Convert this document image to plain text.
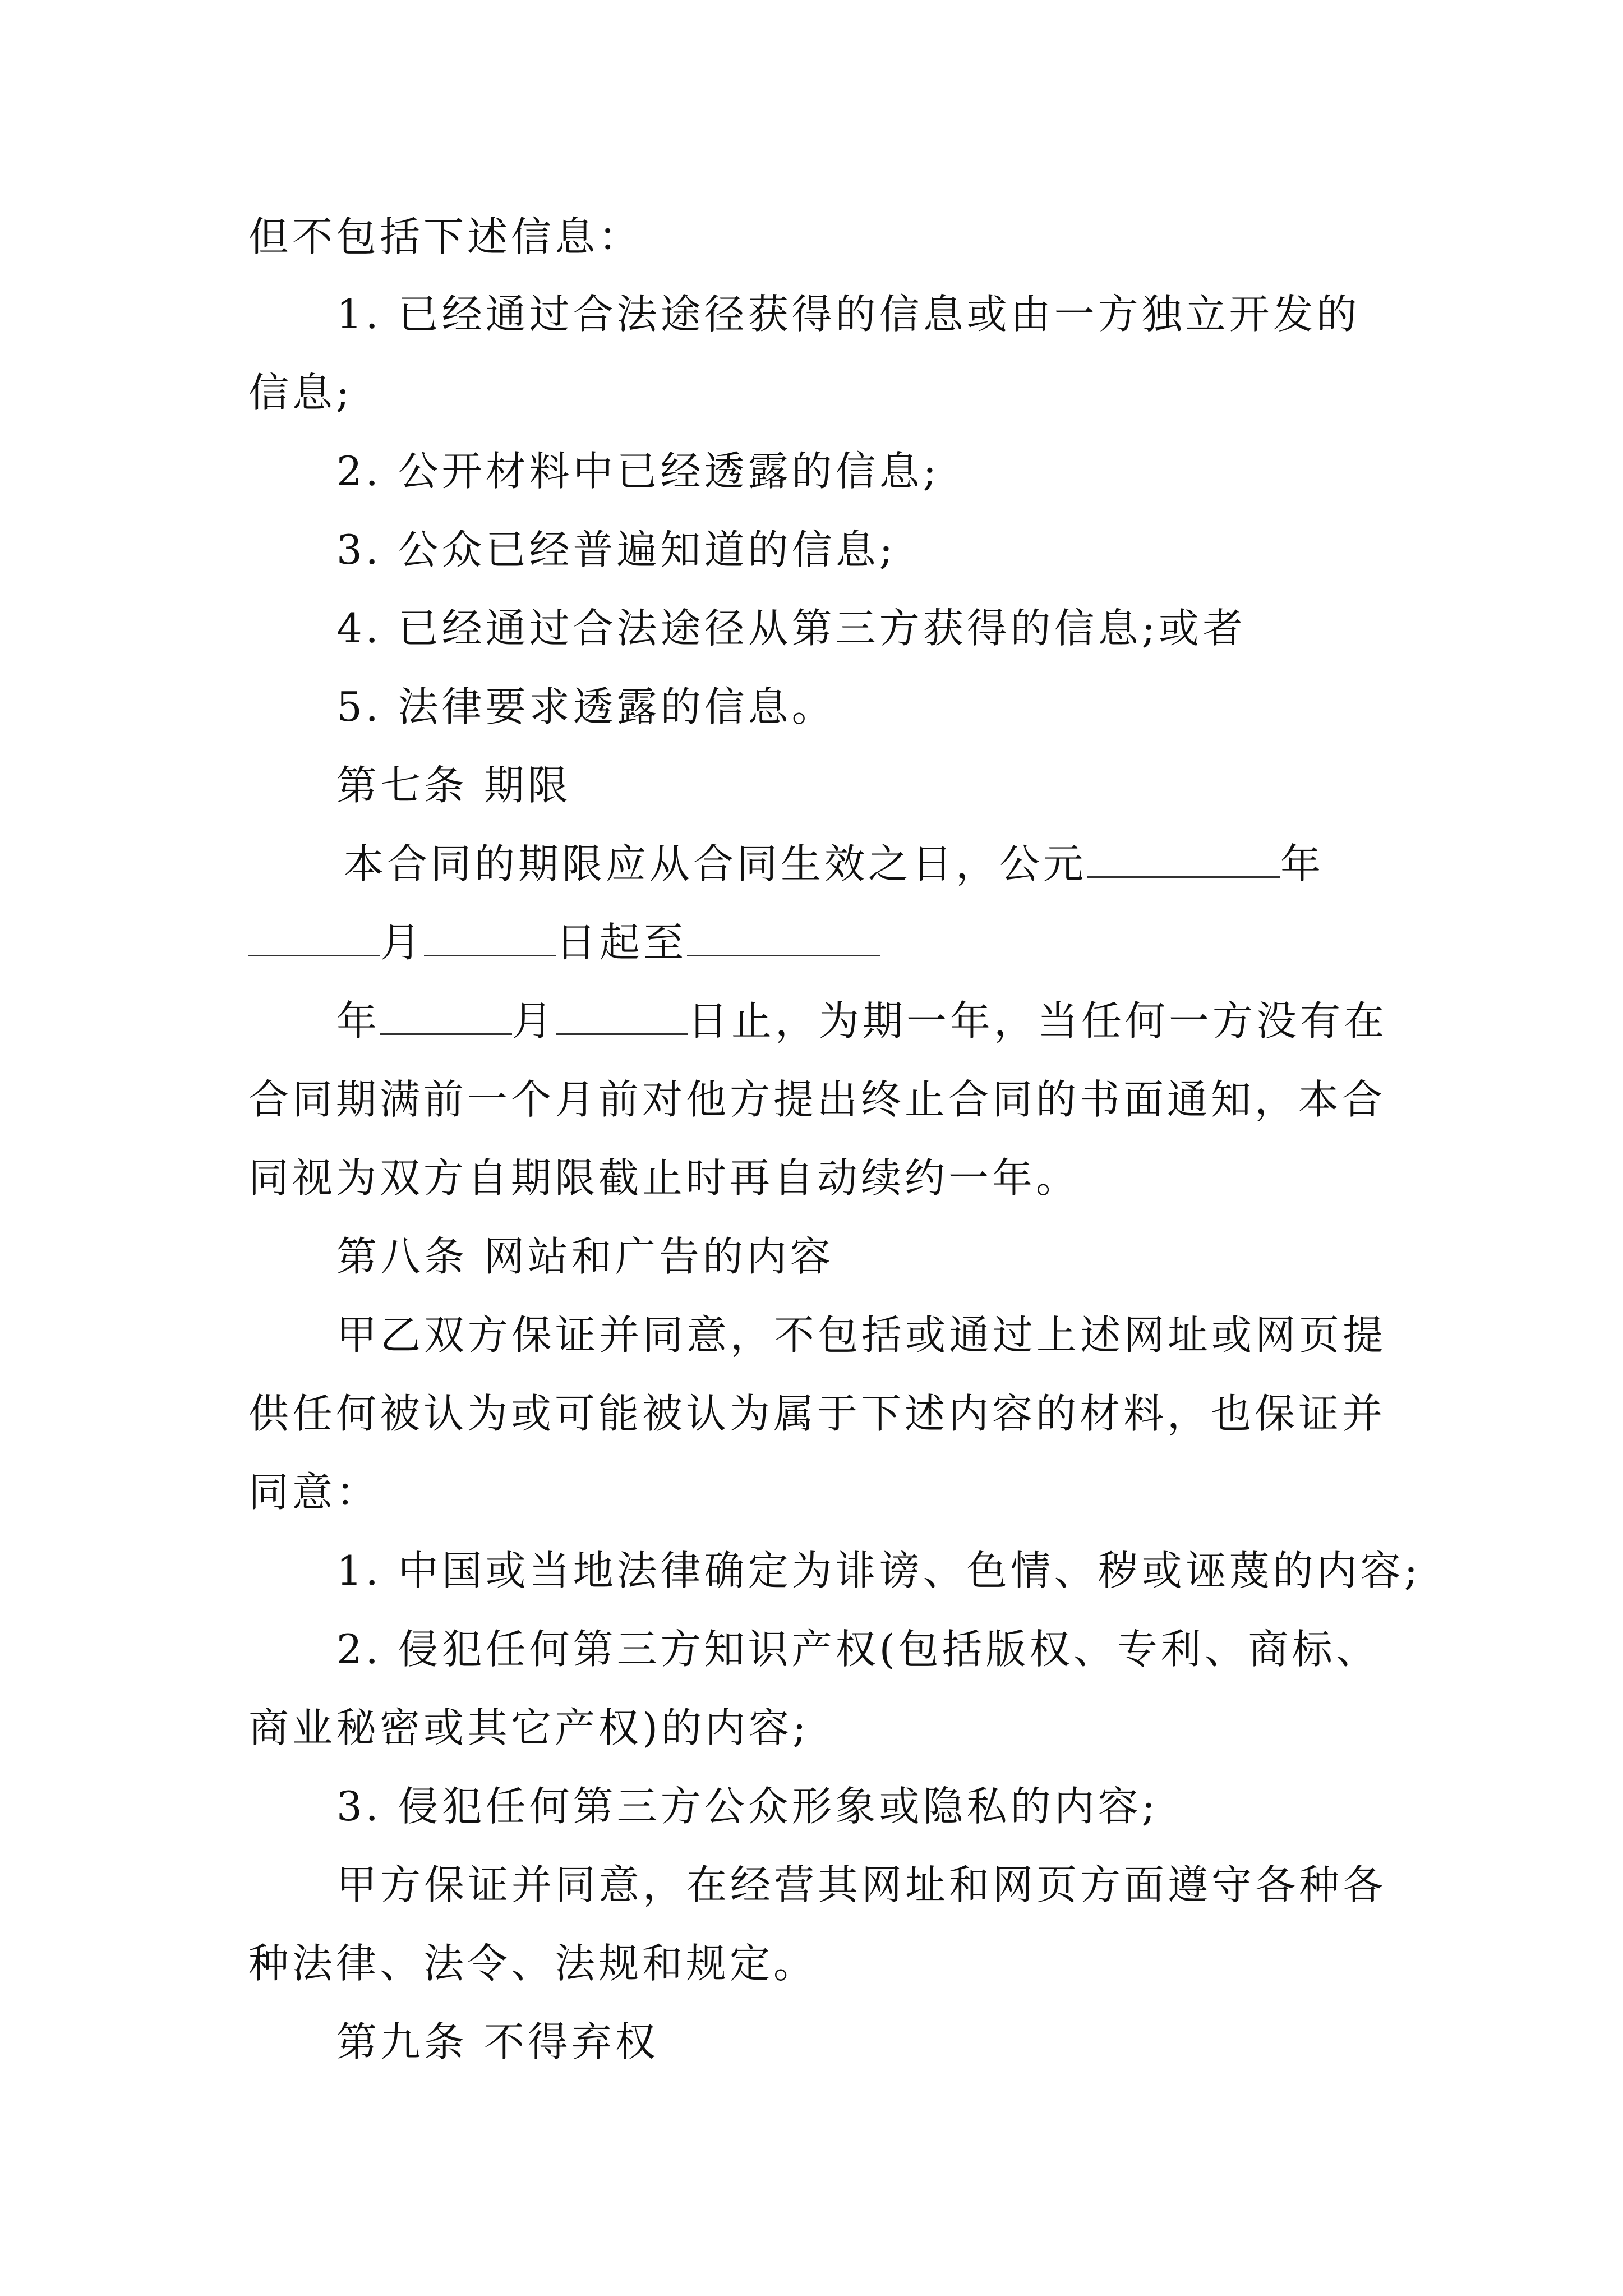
但不包括下述信息：
1. 已经通过合法途径获得的信息或由一方独立开发的
信息;
2. 公开材料中已经透露的信息;
3. 公众已经普遍知道的信息;
4. 已经通过合法途径从第三方获得的信息;或者
5. 法律要求透露的信息。
第七条 期限
本合同的期限应从合同生效之日，公元	年
月	日起至
年	月	日止，为期一年，当任何一方没有在
合同期满前一个月前对他方提出终止合同的书面通知，本合
同视为双方自期限截止时再自动续约一年。
第八条 网站和广告的内容
甲乙双方保证并同意，不包括或通过上述网址或网页提
供任何被认为或可能被认为属于下述内容的材料，也保证并
同意：
1. 中国或当地法律确定为诽谤、色情、秽或诬蔑的内容;
2. 侵犯任何第三方知识产权(包括版权、专利、商标、
商业秘密或其它产权)的内容;
3. 侵犯任何第三方公众形象或隐私的内容;
甲方保证并同意，在经营其网址和网页方面遵守各种各
种法律、法令、法规和规定。
第九条 不得弃权
